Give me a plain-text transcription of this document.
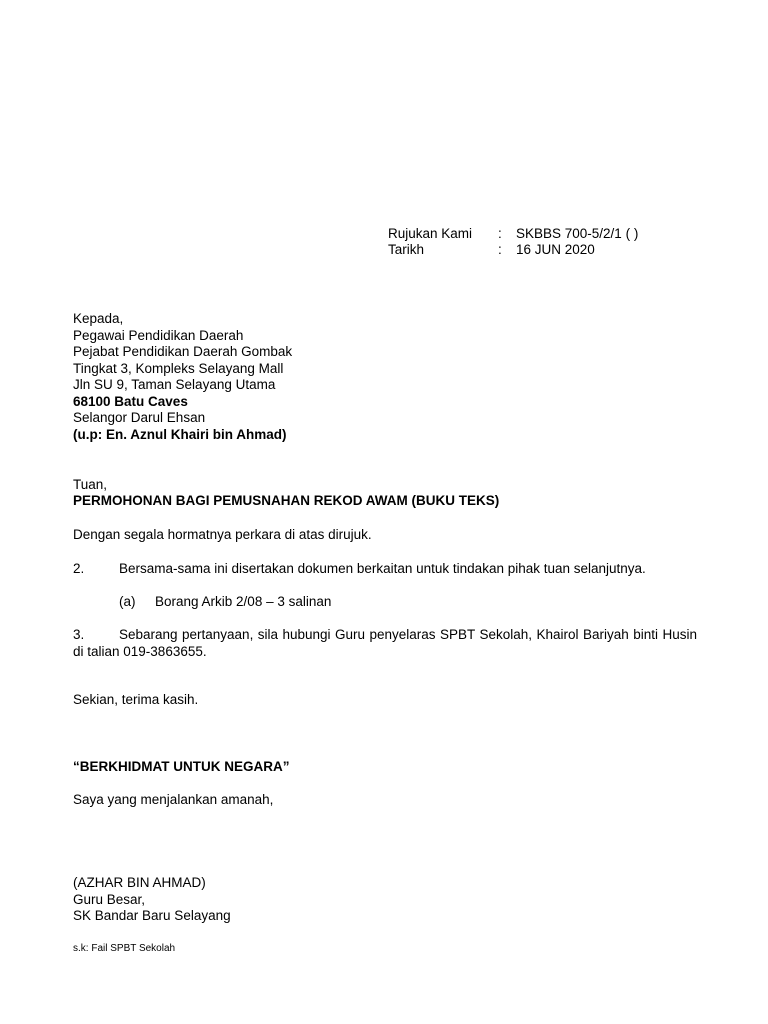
Rujukan Kami	:	SKBBS 700-5/2/1 ( )
Tarikh	:	16 JUN 2020
Kepada,
Pegawai Pendidikan Daerah
Pejabat Pendidikan Daerah Gombak
Tingkat 3, Kompleks Selayang Mall
Jln SU 9, Taman Selayang Utama
68100 Batu Caves
Selangor Darul Ehsan
(u.p: En. Aznul Khairi bin Ahmad)
Tuan,
PERMOHONAN BAGI PEMUSNAHAN REKOD AWAM (BUKU TEKS)
Dengan segala hormatnya perkara di atas dirujuk.
2.	Bersama-sama ini disertakan dokumen berkaitan untuk tindakan pihak tuan selanjutnya.
(a) Borang Arkib 2/08 – 3 salinan
3.	Sebarang pertanyaan, sila hubungi Guru penyelaras SPBT Sekolah, Khairol Bariyah binti Husin di talian 019-3863655.
Sekian, terima kasih.
“BERKHIDMAT UNTUK NEGARA”
Saya yang menjalankan amanah,
(AZHAR BIN AHMAD)
Guru Besar,
SK Bandar Baru Selayang
s.k: Fail SPBT Sekolah
